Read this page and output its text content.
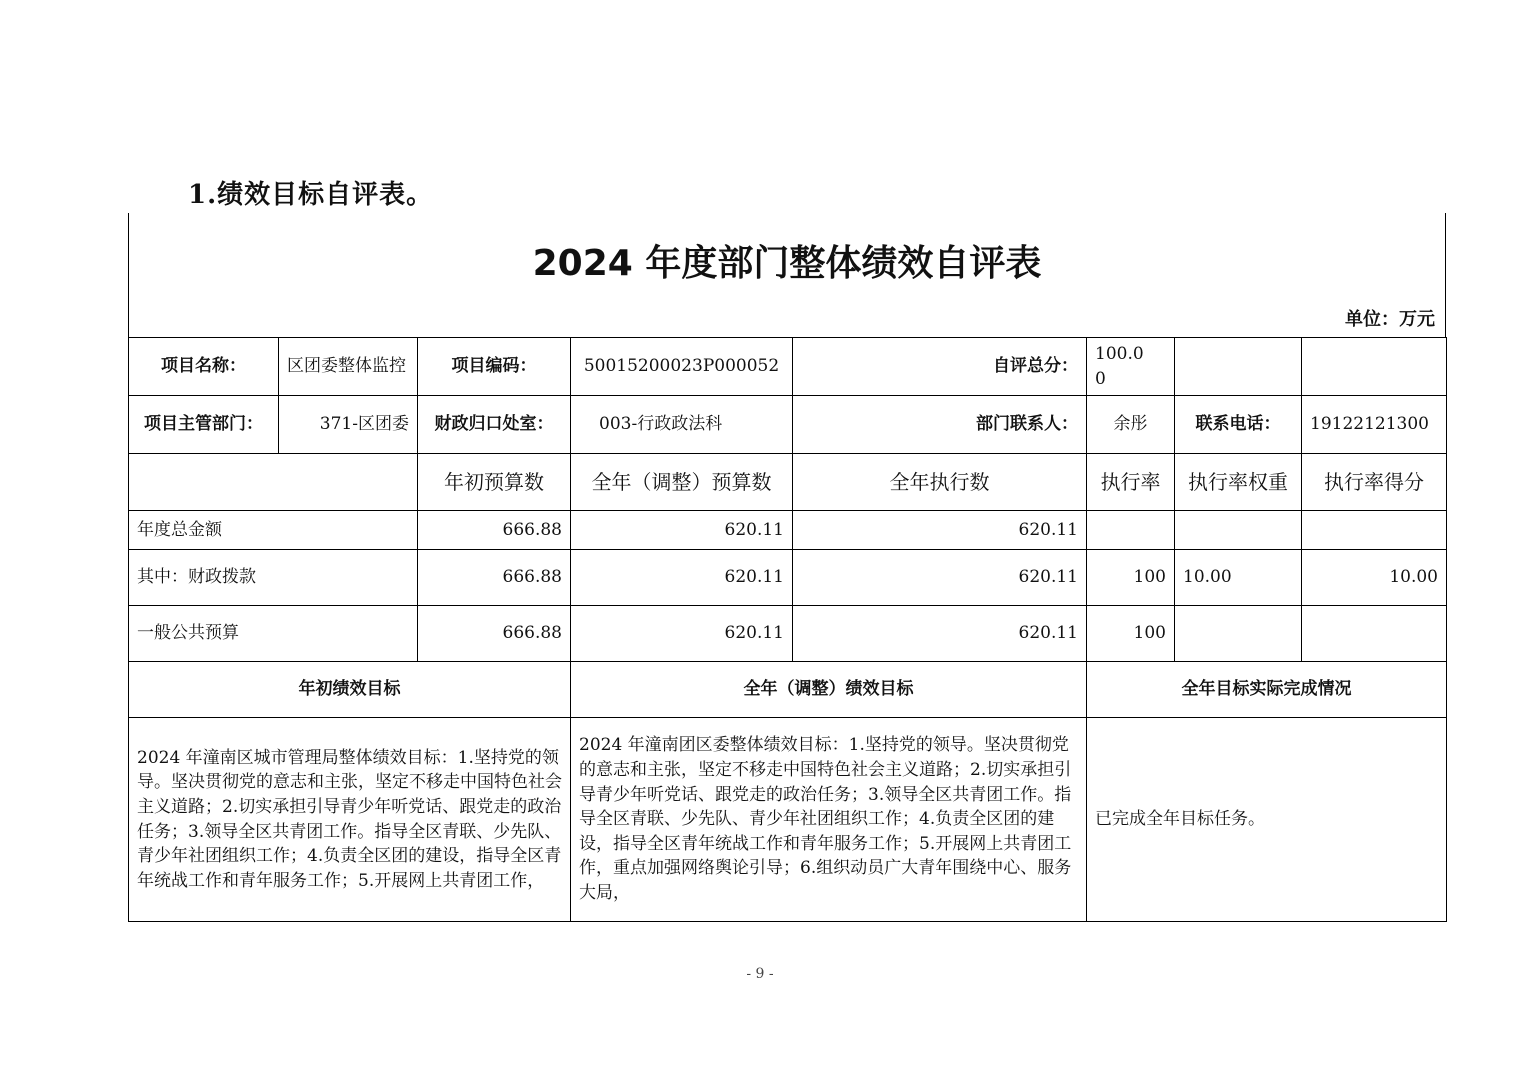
1.绩效目标自评表。
2024 年度部门整体绩效自评表
单位：万元
项目名称：	区团委整体监控	项目编码：	50015200023P000052	自评总分：	100.00		
项目主管部门：	371-区团委	财政归口处室：	003-行政政法科	部门联系人：	余彤	联系电话：	19122121300
		年初预算数	全年（调整）预算数	全年执行数	执行率	执行率权重	执行率得分
年度总金额		666.88	620.11	620.11			
其中：财政拨款		666.88	620.11	620.11	100	10.00	10.00
一般公共预算		666.88	620.11	620.11	100		
年初绩效目标			全年（调整）绩效目标		全年目标实际完成情况		
2024 年潼南区城市管理局整体绩效目标：1.坚持党的领导。坚决贯彻党的意志和主张，坚定不移走中国特色社会主义道路；2.切实承担引导青少年听党话、跟党走的政治任务；3.领导全区共青团工作。指导全区青联、少先队、青少年社团组织工作；4.负责全区团的建设，指导全区青年统战工作和青年服务工作；5.开展网上共青团工作，			2024 年潼南团区委整体绩效目标：1.坚持党的领导。坚决贯彻党的意志和主张，坚定不移走中国特色社会主义道路；2.切实承担引导青少年听党话、跟党走的政治任务；3.领导全区共青团工作。指导全区青联、少先队、青少年社团组织工作；4.负责全区团的建设，指导全区青年统战工作和青年服务工作；5.开展网上共青团工作，重点加强网络舆论引导；6.组织动员广大青年围绕中心、服务大局，		已完成全年目标任务。		
- 9 -
